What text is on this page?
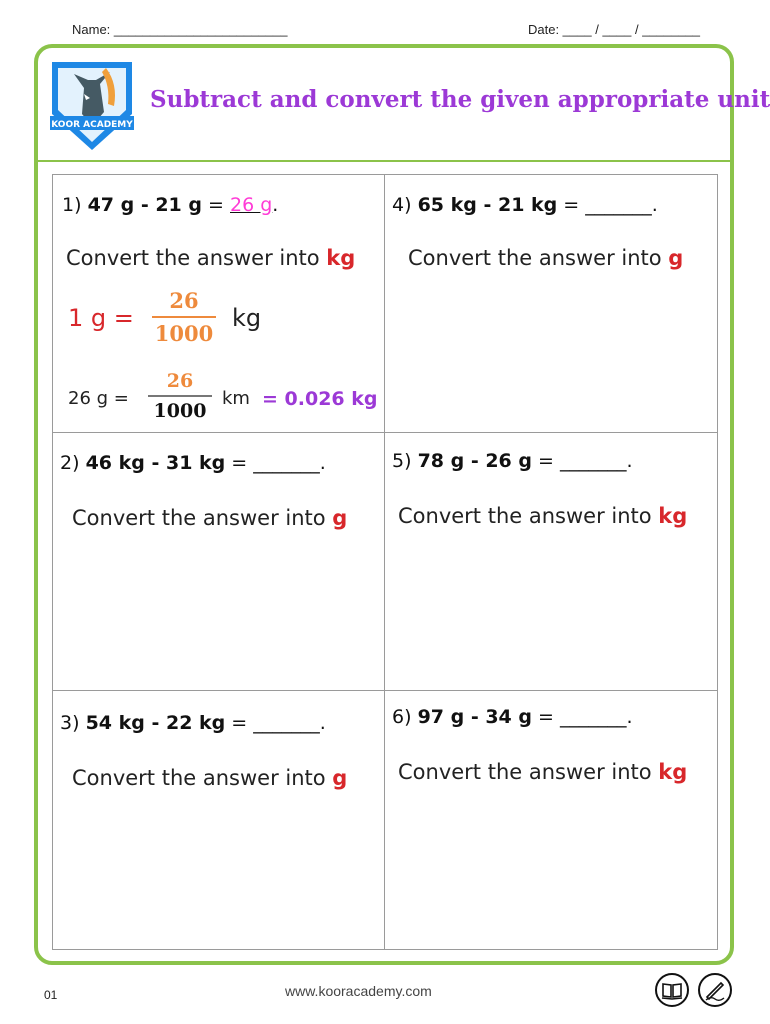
Name: ________________________	Date: ____ / ____ / ________
KOOR ACADEMY
Subtract and convert the given appropriate unit
1) 47 g - 21 g = 26 g.
Convert the answer into kg
1 g =
26
1000
kg
26 g =
26
1000
km = 0.026 kg
2) 46 kg - 31 kg = _______.
Convert the answer into g
3) 54 kg - 22 kg = _______.
Convert the answer into g
4) 65 kg - 21 kg = _______.
Convert the answer into g
5) 78 g - 26 g = _______.
Convert the answer into kg
6) 97 g - 34 g = _______.
Convert the answer into kg
01	www.kooracademy.com
